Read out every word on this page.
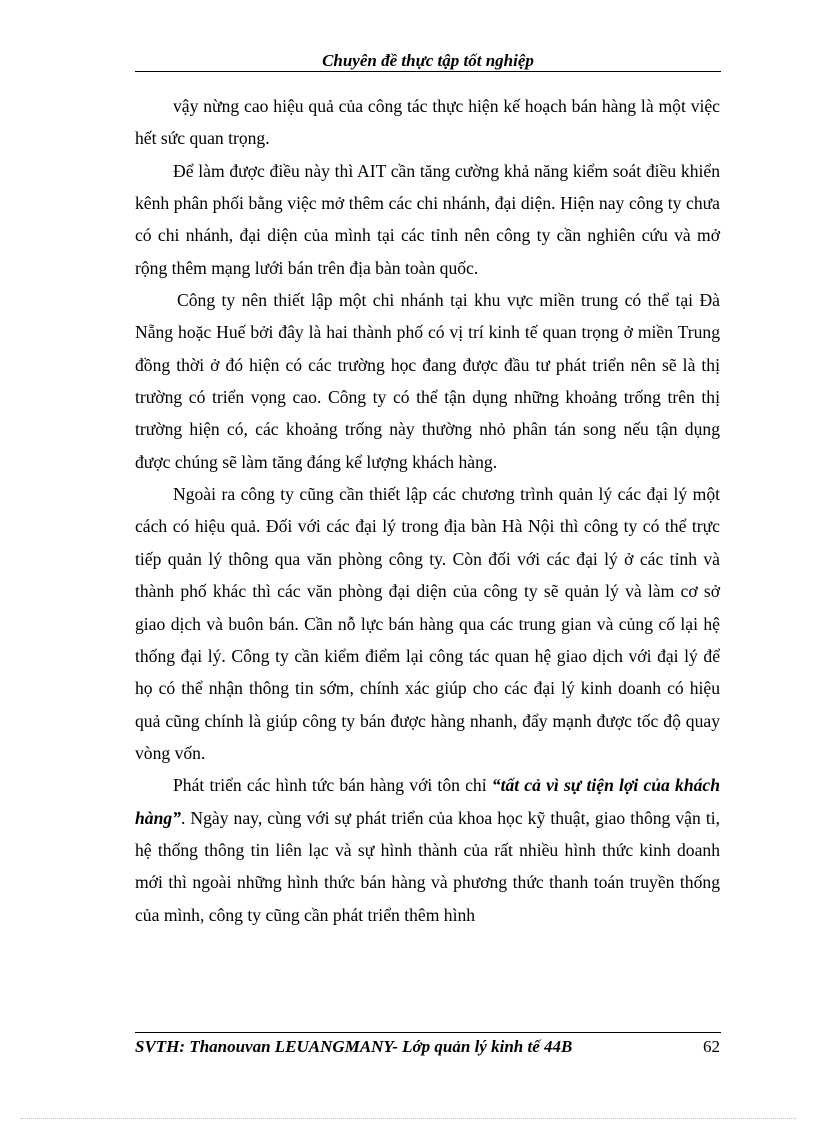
Chuyên đề thực tập tốt nghiệp

vậy nừng cao hiệu quả của công tác thực hiện kế hoạch bán hàng là một việc hết sức quan trọng.

Để làm được điều này thì AIT cần tăng cường khả năng kiểm soát điều khiển kênh phân phối bằng việc mở thêm các chi nhánh, đại diện. Hiện nay công ty chưa có chi nhánh, đại diện của mình tại các tỉnh nên công ty cần nghiên cứu và mở rộng thêm mạng lưới bán trên địa bàn toàn quốc.

Công ty nên thiết lập một chi nhánh tại khu vực miền trung có thể tại Đà Nẵng hoặc Huế bởi đây là hai thành phố có vị trí kinh tế quan trọng ở miền Trung đồng thời ở đó hiện có các trường học đang được đầu tư phát triển nên sẽ là thị trường có triển vọng cao. Công ty có thể tận dụng những khoảng trống trên thị trường hiện có, các khoảng trống này thường nhỏ phân tán song nếu tận dụng được chúng sẽ làm tăng đáng kể lượng khách hàng.

Ngoài ra công ty cũng cần thiết lập các chương trình quản lý các đại lý một cách có hiệu quả. Đối với các đại lý trong địa bàn Hà Nội thì công ty có thể trực tiếp quản lý thông qua văn phòng công ty. Còn đối với các đại lý ở các tỉnh và thành phố khác thì các văn phòng đại diện của công ty sẽ quản lý và làm cơ sở giao dịch và buôn bán. Cần nỗ lực bán hàng qua các trung gian và củng cố lại hệ thống đại lý. Công ty cần kiểm điểm lại công tác quan hệ giao dịch với đại lý để họ có thể nhận thông tin sớm, chính xác giúp cho các đại lý kinh doanh có hiệu quả cũng chính là giúp công ty bán được hàng nhanh, đẩy mạnh được tốc độ quay vòng vốn.

Phát triển các hình tức bán hàng với tôn chỉ “tất cả vì sự tiện lợi của khách hàng”. Ngày nay, cùng với sự phát triển của khoa học kỹ thuật, giao thông vận ti, hệ thống thông tin liên lạc và sự hình thành của rất nhiều hình thức kinh doanh mới thì ngoài những hình thức bán hàng và phương thức thanh toán truyền thống của mình, công ty cũng cần phát triển thêm hình

SVTH: Thanouvan LEUANGMANY- Lớp quản lý kinh tế 44B	62
